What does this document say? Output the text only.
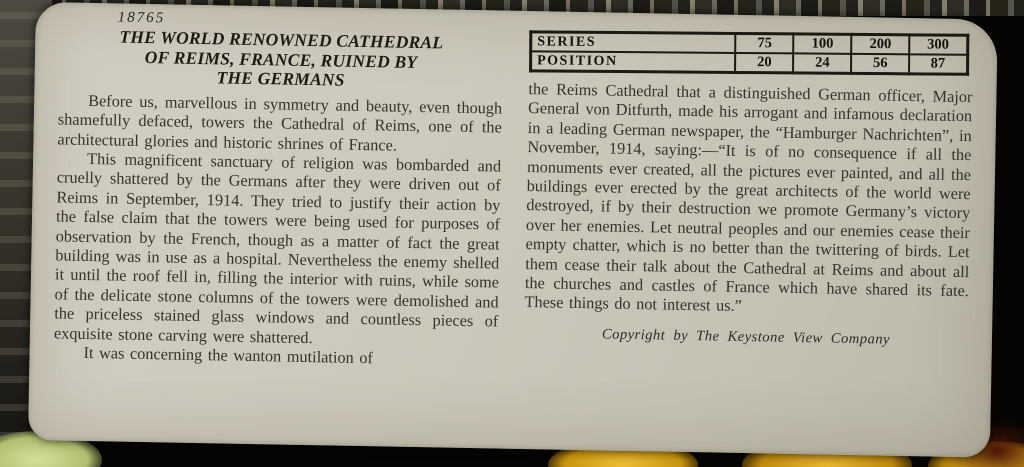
18765
THE WORLD RENOWNED CATHEDRAL
OF REIMS, FRANCE, RUINED BY
THE GERMANS

Before us, marvellous in symmetry and beauty, even though shamefully defaced, towers the Cathedral of Reims, one of the architectural glories and historic shrines of France.

This magnificent sanctuary of religion was bombarded and cruelly shattered by the Germans after they were driven out of Reims in September, 1914. They tried to justify their action by the false claim that the towers were being used for purposes of observation by the French, though as a matter of fact the great building was in use as a hospital. Nevertheless the enemy shelled it until the roof fell in, filling the interior with ruins, while some of the delicate stone columns of the towers were demolished and the priceless stained glass windows and countless pieces of exquisite stone carving were shattered.

It was concerning the wanton mutilation of

SERIES	75	100	200	300
POSITION	20	24	56	87

the Reims Cathedral that a distinguished German officer, Major General von Ditfurth, made his arrogant and infamous declaration in a leading German newspaper, the “Hamburger Nachrichten”, in November, 1914, saying:—“It is of no consequence if all the monuments ever created, all the pictures ever painted, and all the buildings ever erected by the great architects of the world were destroyed, if by their destruction we promote Germany’s victory over her enemies. Let neutral peoples and our enemies cease their empty chatter, which is no better than the twittering of birds. Let them cease their talk about the Cathedral at Reims and about all the churches and castles of France which have shared its fate. These things do not interest us.”

Copyright by The Keystone View Company
